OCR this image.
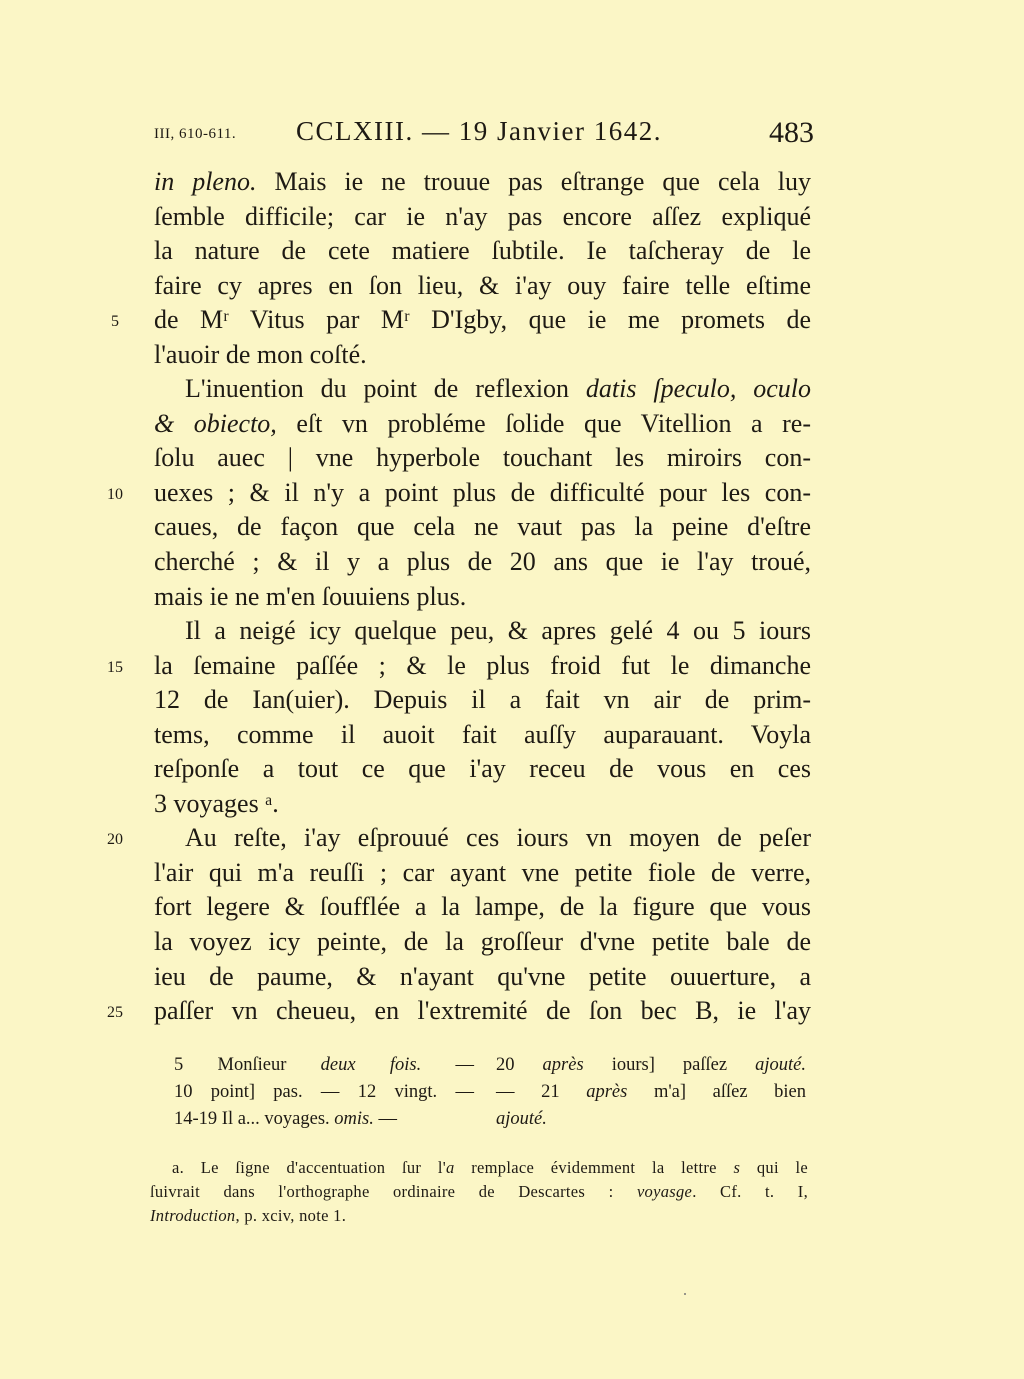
III, 610-611. CCLXIII. — 19 Janvier 1642.	483
in pleno. Mais ie ne trouue pas eſtrange que cela luy
ſemble difficile; car ie n'ay pas encore aſſez expliqué
la nature de cete matiere ſubtile. Ie taſcheray de le
faire cy apres en ſon lieu, & i'ay ouy faire telle eſtime
5	de Mʳ Vitus par Mʳ D'Igby, que ie me promets de
l'auoir de mon coſté.
L'inuention du point de reflexion datis ſpeculo, oculo
& obiecto, eſt vn probléme ſolide que Vitellion a re-
ſolu auec | vne hyperbole touchant les miroirs con-
10 uexes ; & il n'y a point plus de difficulté pour les con-
caues, de façon que cela ne vaut pas la peine d'eſtre
cherché ; & il y a plus de 20 ans que ie l'ay troué,
mais ie ne m'en ſouuiens plus.
Il a neigé icy quelque peu, & apres gelé 4 ou 5 iours
15 la ſemaine paſſée ; & le plus froid fut le dimanche
12 de Ian(uier). Depuis il a fait vn air de prim-
tems, comme il auoit fait auſſy auparauant. Voyla
reſponſe a tout ce que i'ay receu de vous en ces
3 voyages ᵃ.
20 Au reſte, i'ay eſprouué ces iours vn moyen de peſer
l'air qui m'a reuſſi ; car ayant vne petite fiole de verre,
fort legere & ſoufflée a la lampe, de la figure que vous
la voyez icy peinte, de la groſſeur d'vne petite bale de
ieu de paume, & n'ayant qu'vne petite ouuerture, a
25 paſſer vn cheueu, en l'extremité de ſon bec B, ie l'ay
5 Monſieur deux fois. —
10 point] pas. — 12 vingt. —
14-19 Il a... voyages. omis. —
20 après iours] paſſez ajouté.
— 21 après m'a] aſſez bien
ajouté.
a. Le ſigne d'accentuation ſur l'a remplace évidemment la lettre s qui le
ſuivrait dans l'orthographe ordinaire de Descartes : voyasge. Cf. t. I,
Introduction, p. xciv, note 1.
